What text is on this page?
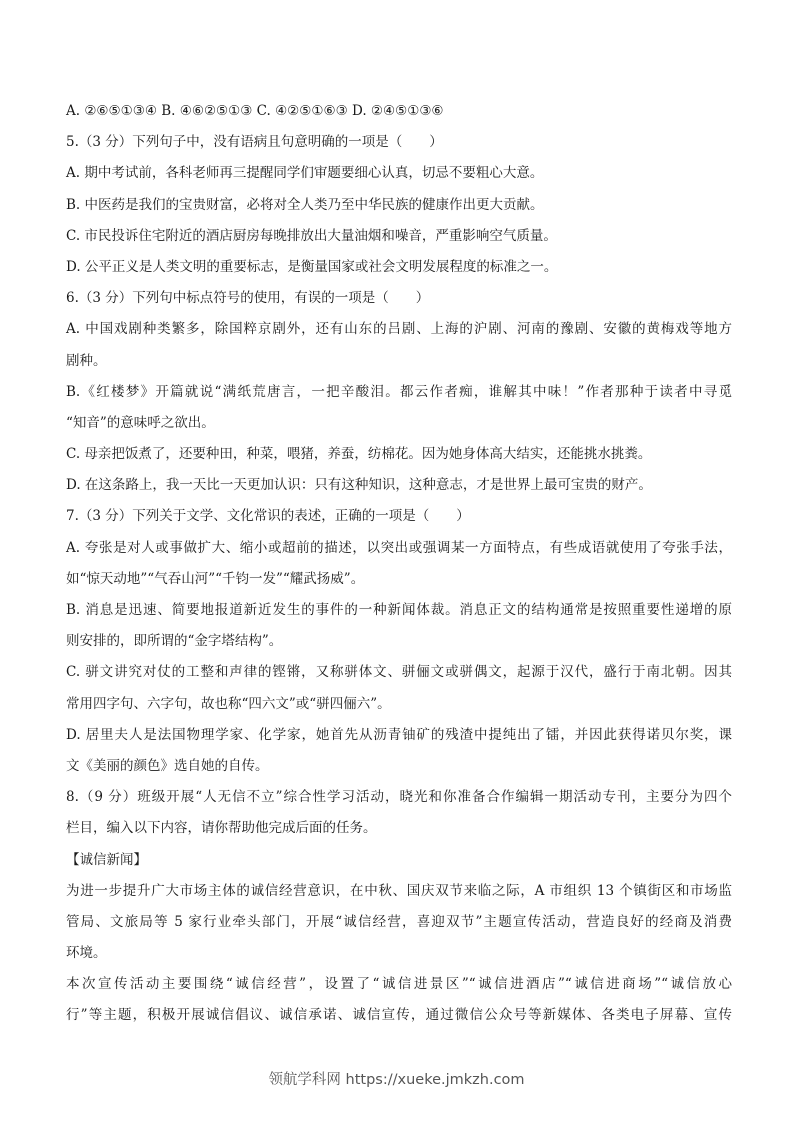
A. ②⑥⑤①③④ B. ④⑥②⑤①③ C. ④②⑤①⑥③ D. ②④⑤①③⑥
5.（3 分）下列句子中，没有语病且句意明确的一项是（　　）
A. 期中考试前，各科老师再三提醒同学们审题要细心认真，切忌不要粗心大意。
B. 中医药是我们的宝贵财富，必将对全人类乃至中华民族的健康作出更大贡献。
C. 市民投诉住宅附近的酒店厨房每晚排放出大量油烟和噪音，严重影响空气质量。
D. 公平正义是人类文明的重要标志，是衡量国家或社会文明发展程度的标准之一。
6.（3 分）下列句中标点符号的使用，有误的一项是（　　）
A. 中国戏剧种类繁多，除国粹京剧外，还有山东的吕剧、上海的沪剧、河南的豫剧、安徽的黄梅戏等地方
剧种。
B.《红楼梦》开篇就说“满纸荒唐言，一把辛酸泪。都云作者痴，谁解其中味！”作者那种于读者中寻觅
“知音”的意味呼之欲出。
C. 母亲把饭煮了，还要种田，种菜，喂猪，养蚕，纺棉花。因为她身体高大结实，还能挑水挑粪。
D. 在这条路上，我一天比一天更加认识：只有这种知识，这种意志，才是世界上最可宝贵的财产。
7.（3 分）下列关于文学、文化常识的表述，正确的一项是（　　）
A. 夸张是对人或事做扩大、缩小或超前的描述，以突出或强调某一方面特点，有些成语就使用了夸张手法，
如“惊天动地”“气吞山河”“千钧一发”“耀武扬威”。
B. 消息是迅速、简要地报道新近发生的事件的一种新闻体裁。消息正文的结构通常是按照重要性递增的原
则安排的，即所谓的“金字塔结构”。
C. 骈文讲究对仗的工整和声律的铿锵，又称骈体文、骈俪文或骈偶文，起源于汉代，盛行于南北朝。因其
常用四字句、六字句，故也称“四六文”或“骈四俪六”。
D. 居里夫人是法国物理学家、化学家，她首先从沥青铀矿的残渣中提纯出了镭，并因此获得诺贝尔奖，课
文《美丽的颜色》选自她的自传。
8.（9 分）班级开展“人无信不立”综合性学习活动，晓光和你准备合作编辑一期活动专刊，主要分为四个
栏目，编入以下内容，请你帮助他完成后面的任务。
【诚信新闻】
为进一步提升广大市场主体的诚信经营意识，在中秋、国庆双节来临之际，A 市组织 13 个镇街区和市场监
管局、文旅局等 5 家行业牵头部门，开展“诚信经营，喜迎双节”主题宣传活动，营造良好的经商及消费
环境。
本次宣传活动主要围绕“诚信经营”，设置了“诚信进景区”“诚信进酒店”“诚信进商场”“诚信放心
行”等主题，积极开展诚信倡议、诚信承诺、诚信宣传，通过微信公众号等新媒体、各类电子屏幕、宣传
领航学科网 https://xueke.jmkzh.com
